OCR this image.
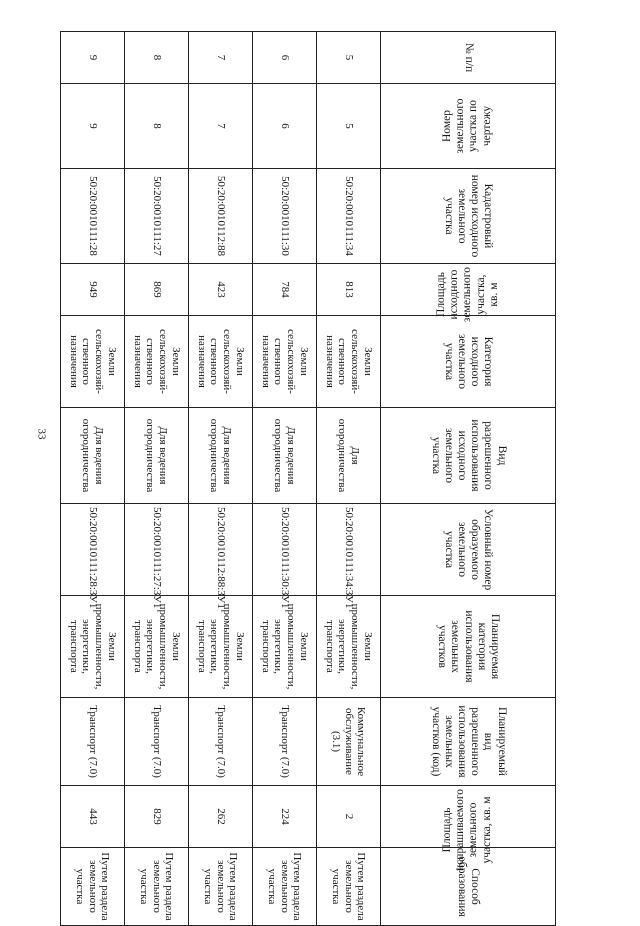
33
№ п/п	Номер земельного участка по чертежу	Кадастровый номер исходного земельного участка	Площадь исходного земельного участка, кв. м	Категория исходного земельного участка	Вид разрешенного использования исходного земельного участка	Условный номер образуемого земельного участка	Планируемая категория использования земельных участков	Планируемый вид разрешенного использования земельных участков (код)	Площадь испрашиваемого земельного участка, кв. м	Способ образования
5	5	50:20:0010111:34	813	Земли сельскохозяй-ственного назначения	Для огородничества	50:20:0010111:34:ЗУ1	Земли промышленности, энергетики, транспорта	Коммунальное обслуживание (3.1)	2	Путем раздела земельного участка
6	6	50:20:0010111:30	784	Земли сельскохозяй-ственного назначения	Для ведения огородничества	50:20:0010111:30:ЗУ1	Земли промышленности, энергетики, транспорта	Транспорт (7.0)	224	Путем раздела земельного участка
7	7	50:20:0010112:88	423	Земли сельскохозяй-ственного назначения	Для ведения огородничества	50:20:0010112:88:ЗУ1	Земли промышленности, энергетики, транспорта	Транспорт (7.0)	262	Путем раздела земельного участка
8	8	50:20:0010111:27	869	Земли сельскохозяй-ственного назначения	Для ведения огородничества	50:20:0010111:27:ЗУ1	Земли промышленности, энергетики, транспорта	Транспорт (7.0)	829	Путем раздела земельного участка
9	9	50:20:0010111:28	949	Земли сельскохозяй-ственного назначения	Для ведения огородничества	50:20:0010111:28:ЗУ1	Земли промышленности, энергетики, транспорта	Транспорт (7.0)	443	Путем раздела земельного участка
